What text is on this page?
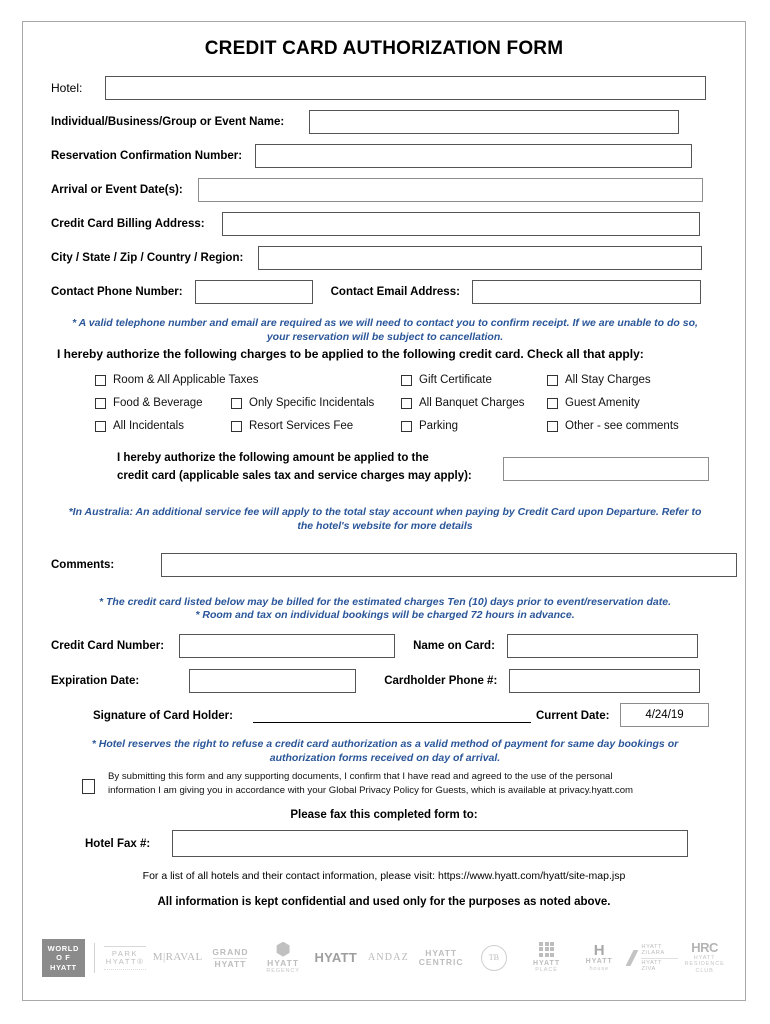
CREDIT CARD AUTHORIZATION FORM
Hotel:
Individual/Business/Group or Event Name:
Reservation Confirmation Number:
Arrival or Event Date(s):
Credit Card Billing Address:
City / State / Zip / Country / Region:
Contact Phone Number:	Contact Email Address:
* A valid telephone number and email are required as we will need to contact you to confirm receipt. If we are unable to do so, your reservation will be subject to cancellation.
I hereby authorize the following charges to be applied to the following credit card. Check all that apply:
Room & All Applicable Taxes
Food & Beverage
All Incidentals
Only Specific Incidentals
Resort Services Fee
Gift Certificate
All Banquet Charges
Parking
All Stay Charges
Guest Amenity
Other - see comments
I hereby authorize the following amount be applied to the
credit card (applicable sales tax and service charges may apply):
*In Australia: An additional service fee will apply to the total stay account when paying by Credit Card upon Departure. Refer to the hotel's website for more details
Comments:
* The credit card listed below may be billed for the estimated charges Ten (10) days prior to event/reservation date.
* Room and tax on individual bookings will be charged 72 hours in advance.
Credit Card Number:	Name on Card:
Expiration Date:	Cardholder Phone #:
Signature of Card Holder:	Current Date:	4/24/19
* Hotel reserves the right to refuse a credit card authorization as a valid method of payment for same day bookings or authorization forms received on day of arrival.
By submitting this form and any supporting documents, I confirm that I have read and agreed to the use of the personal information I am giving you in accordance with your Global Privacy Policy for Guests, which is available at privacy.hyatt.com
Please fax this completed form to:
Hotel Fax #:
For a list of all hotels and their contact information, please visit: https://www.hyatt.com/hyatt/site-map.jsp
All information is kept confidential and used only for the purposes as noted above.
WORLD
O F
HYATT
PARK HYATT® M|RAVAL GRAND
HYATT HYATT
REGENCY
HYATT ANDАZ HYATT
CENTRIC	TB
HYATT
PLACE
H
HYATT
house
HYATT ZILARA
HYATT ZIVA
HRC
HYATT
RESIDENCE
CLUB
